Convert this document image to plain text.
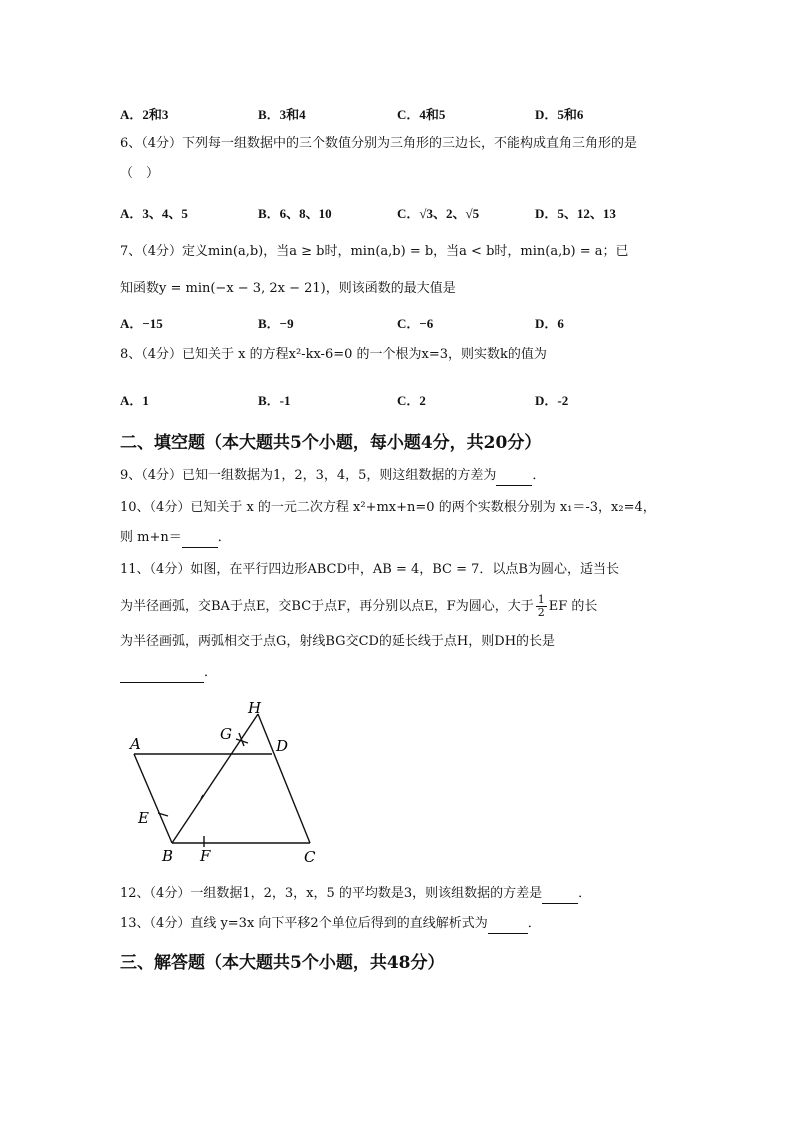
A．2和3	B．3和4	C．4和5	D．5和6
6、（4分）下列每一组数据中的三个数值分别为三角形的三边长，不能构成直角三角形的是
（　）
A．3、4、5	B．6、8、10	C．√3、2、√5	D．5、12、13
7、（4分）定义min(a,b)，当a ≥ b时，min(a,b) = b，当a < b时，min(a,b) = a；已
知函数y = min(−x − 3, 2x − 21)，则该函数的最大值是
A．−15	B．−9	C．−6	D．6
8、（4分）已知关于 x 的方程x²-kx-6=0 的一个根为x=3，则实数k的值为
A．1	B．-1	C．2	D．-2
二、填空题（本大题共5个小题，每小题4分，共20分）
9、（4分）已知一组数据为1，2，3，4，5，则这组数据的方差为	．
10、（4分）已知关于 x 的一元二次方程 x²+mx+n=0 的两个实数根分别为 x₁＝-3，x₂=4，
则 m+n＝	．
11、（4分）如图，在平行四边形ABCD中，AB = 4，BC = 7．以点B为圆心，适当长
为半径画弧，交BA于点E，交BC于点F，再分别以点E，F为圆心，大于 $\frac{1}{2}$ EF 的长
为半径画弧，两弧相交于点G，射线BG交CD的延长线于点H，则DH的长是
．
A
B	C
D
E
F
G
H
12、（4分）一组数据1，2，3，x，5 的平均数是3，则该组数据的方差是	．
13、（4分）直线 y=3x 向下平移2个单位后得到的直线解析式为	．
三、解答题（本大题共5个小题，共48分）
